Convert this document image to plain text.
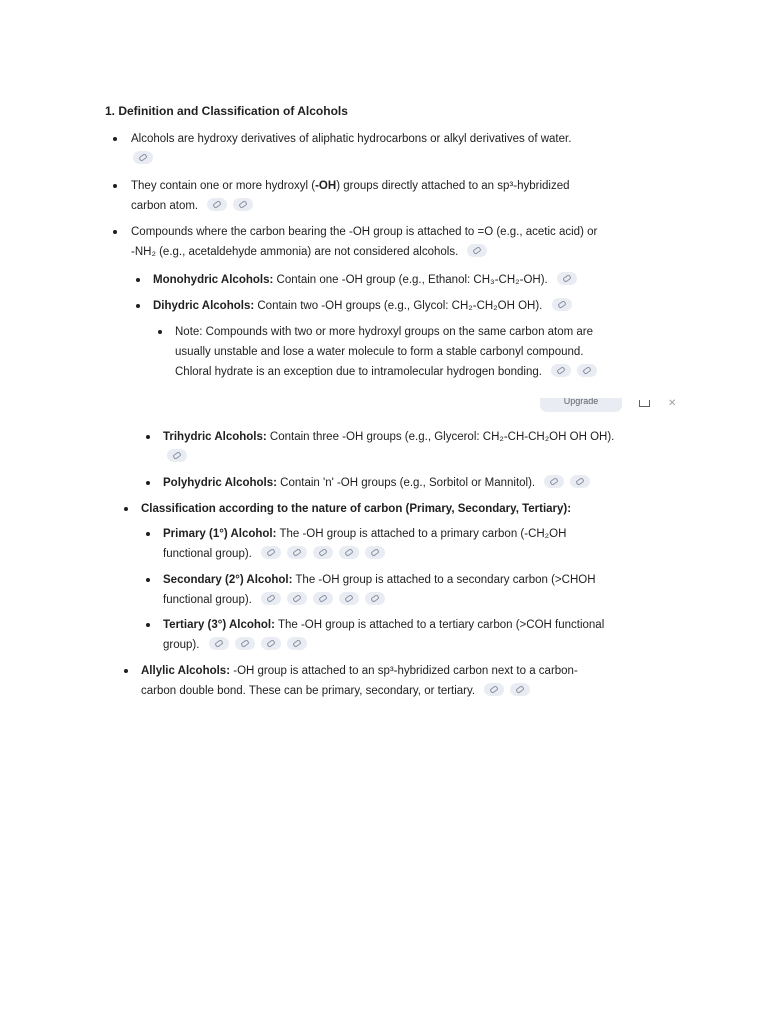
1. Definition and Classification of Alcohols
Alcohols are hydroxy derivatives of aliphatic hydrocarbons or alkyl derivatives of water.

They contain one or more hydroxyl (-OH) groups directly attached to an sp³-hybridized
carbon atom.
Compounds where the carbon bearing the -OH group is attached to =O (e.g., acetic acid) or
-NH₂ (e.g., acetaldehyde ammonia) are not considered alcohols.
Monohydric Alcohols: Contain one -OH group (e.g., Ethanol: CH₃-CH₂-OH).
Dihydric Alcohols: Contain two -OH groups (e.g., Glycol: CH₂-CH₂OH OH).
Note: Compounds with two or more hydroxyl groups on the same carbon atom are
usually unstable and lose a water molecule to form a stable carbonyl compound.
Chloral hydrate is an exception due to intramolecular hydrogen bonding.
Upgrade	✕
Trihydric Alcohols: Contain three -OH groups (e.g., Glycerol: CH₂-CH-CH₂OH OH OH).

Polyhydric Alcohols: Contain 'n' -OH groups (e.g., Sorbitol or Mannitol).
Classification according to the nature of carbon (Primary, Secondary, Tertiary):
Primary (1°) Alcohol: The -OH group is attached to a primary carbon (-CH₂OH
functional group).
Secondary (2°) Alcohol: The -OH group is attached to a secondary carbon (>CHOH
functional group).
Tertiary (3°) Alcohol: The -OH group is attached to a tertiary carbon (>COH functional
group).
Allylic Alcohols: -OH group is attached to an sp³-hybridized carbon next to a carbon-
carbon double bond. These can be primary, secondary, or tertiary.
